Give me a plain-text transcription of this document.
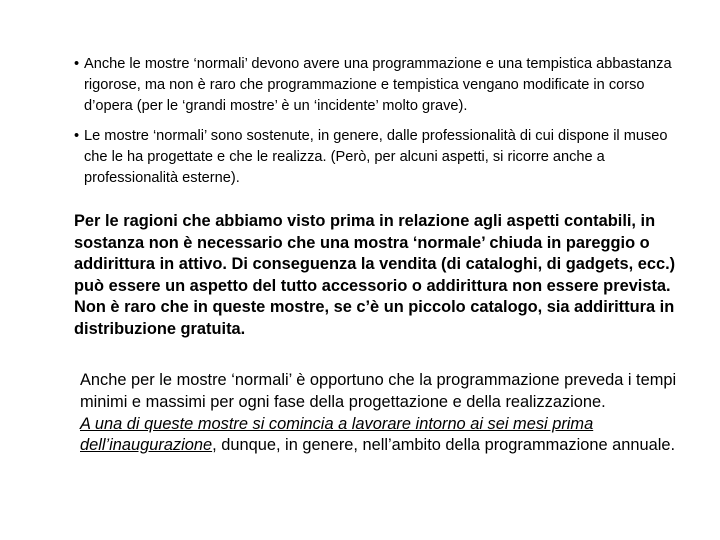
• Anche le mostre ‘normali’ devono avere una programmazione e una tempistica abbastanza rigorose, ma non è raro che programmazione e tempistica vengano modificate in corso d’opera (per le ‘grandi mostre’ è un ‘incidente’ molto grave).
• Le mostre ‘normali’ sono sostenute, in genere, dalle professionalità di cui dispone il museo che le ha progettate e che le realizza. (Però, per alcuni aspetti, si ricorre anche a professionalità esterne).
Per le ragioni che abbiamo visto prima in relazione agli aspetti contabili, in sostanza non è necessario che una mostra ‘normale’ chiuda in pareggio o addirittura in attivo. Di conseguenza la vendita (di cataloghi, di gadgets, ecc.) può essere un aspetto del tutto accessorio o addirittura non essere prevista. Non è raro che in queste mostre, se c’è un piccolo catalogo, sia addirittura in distribuzione gratuita.
Anche per le mostre ‘normali’ è opportuno che la programmazione preveda i tempi minimi e massimi per ogni fase della progettazione e della realizzazione.
A una di queste mostre si comincia a lavorare intorno ai sei mesi prima dell’inaugurazione, dunque, in genere, nell’ambito della programmazione annuale.
